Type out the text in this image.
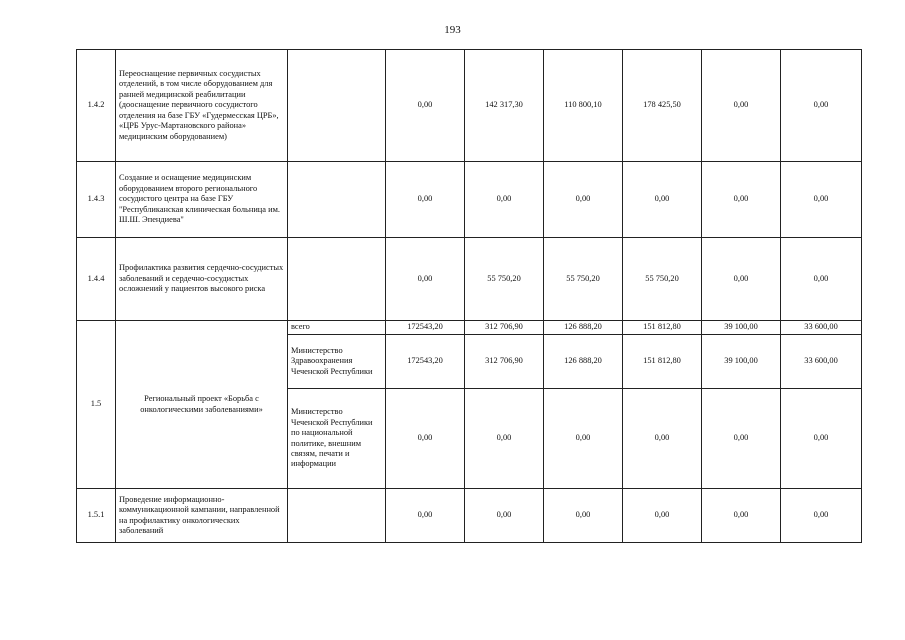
193
1.4.2	Переоснащение первичных сосудистых отделений, в том числе оборудованием для ранней медицинской реабилитации (дооснащение первичного сосудистого отделения на базе ГБУ «Гудермесская ЦРБ», «ЦРБ Урус-Мартановского района» медицинским оборудованием)		0,00	142 317,30	110 800,10	178 425,50	0,00	0,00
1.4.3	Создание и оснащение медицинским оборудованием второго регионального сосудистого центра на базе ГБУ "Республиканская клиническая больница им. Ш.Ш. Эпендиева"		0,00	0,00	0,00	0,00	0,00	0,00
1.4.4	Профилактика развития сердечно-сосудистых заболеваний и сердечно-сосудистых осложнений у пациентов высокого риска		0,00	55 750,20	55 750,20	55 750,20	0,00	0,00
1.5	Региональный проект «Борьба с онкологическими заболеваниями»	всего	172543,20	312 706,90	126 888,20	151 812,80	39 100,00	33 600,00
		Министерство Здравоохранения Чеченской Республики	172543,20	312 706,90	126 888,20	151 812,80	39 100,00	33 600,00
		Министерство Чеченской Республики по национальной политике, внешним связям, печати и информации	0,00	0,00	0,00	0,00	0,00	0,00
1.5.1	Проведение информационно-коммуникационной кампании, направленной на профилактику онкологических заболеваний		0,00	0,00	0,00	0,00	0,00	0,00
